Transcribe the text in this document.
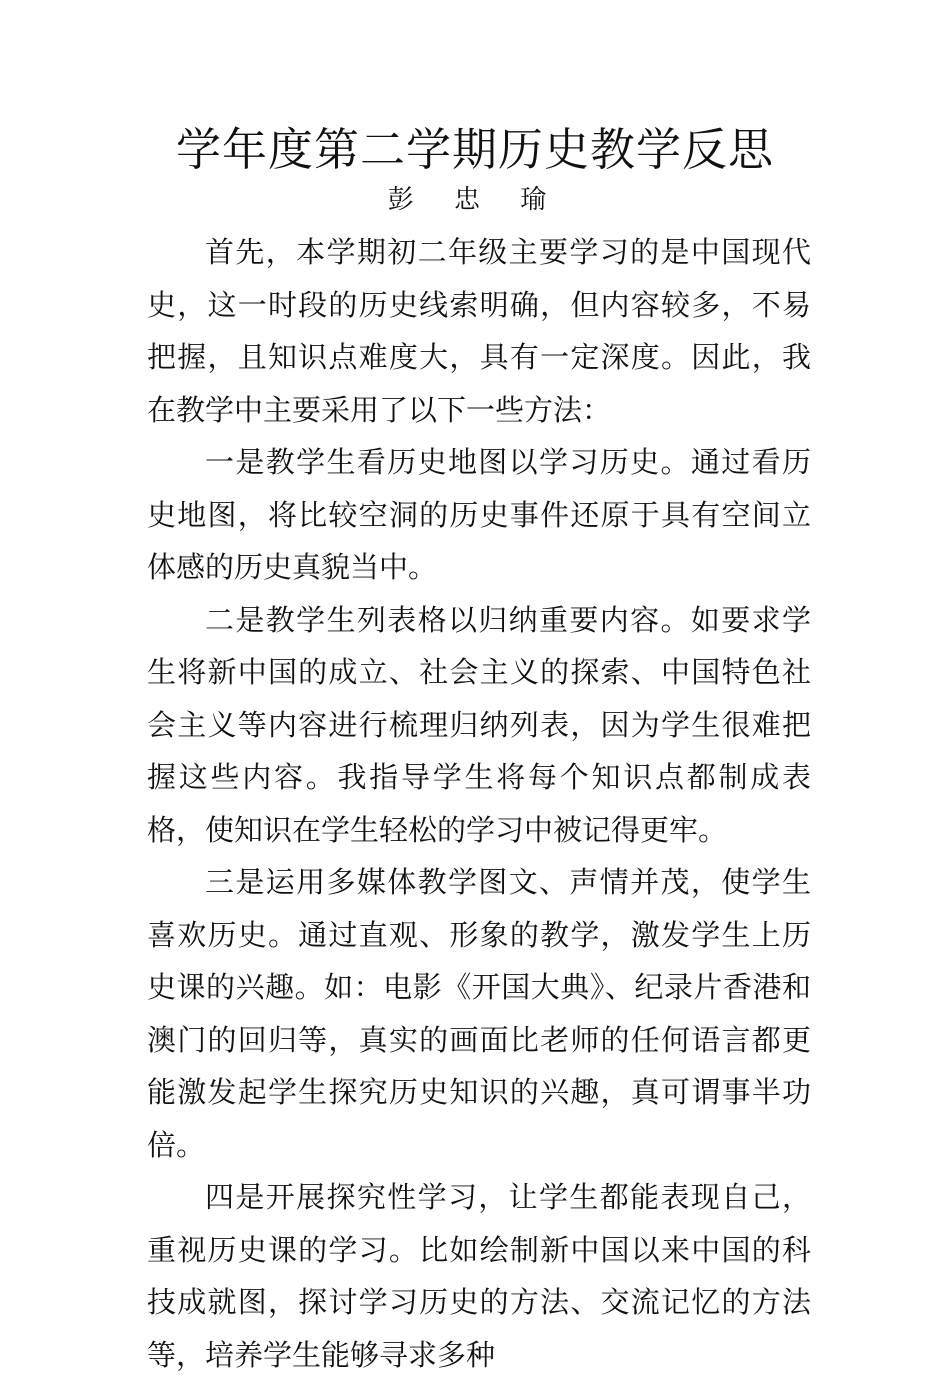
学年度第二学期历史教学反思
彭 忠 瑜

首先，本学期初二年级主要学习的是中国现代史，这一时段的历史线索明确，但内容较多，不易把握，且知识点难度大，具有一定深度。因此，我在教学中主要采用了以下一些方法：

一是教学生看历史地图以学习历史。通过看历史地图，将比较空洞的历史事件还原于具有空间立体感的历史真貌当中。

二是教学生列表格以归纳重要内容。如要求学生将新中国的成立、社会主义的探索、中国特色社会主义等内容进行梳理归纳列表，因为学生很难把握这些内容。我指导学生将每个知识点都制成表格，使知识在学生轻松的学习中被记得更牢。

三是运用多媒体教学图文、声情并茂，使学生喜欢历史。通过直观、形象的教学，激发学生上历史课的兴趣。如：电影《开国大典》、纪录片香港和澳门的回归等，真实的画面比老师的任何语言都更能激发起学生探究历史知识的兴趣，真可谓事半功倍。

四是开展探究性学习，让学生都能表现自己，重视历史课的学习。比如绘制新中国以来中国的科技成就图，探讨学习历史的方法、交流记忆的方法等，培养学生能够寻求多种
